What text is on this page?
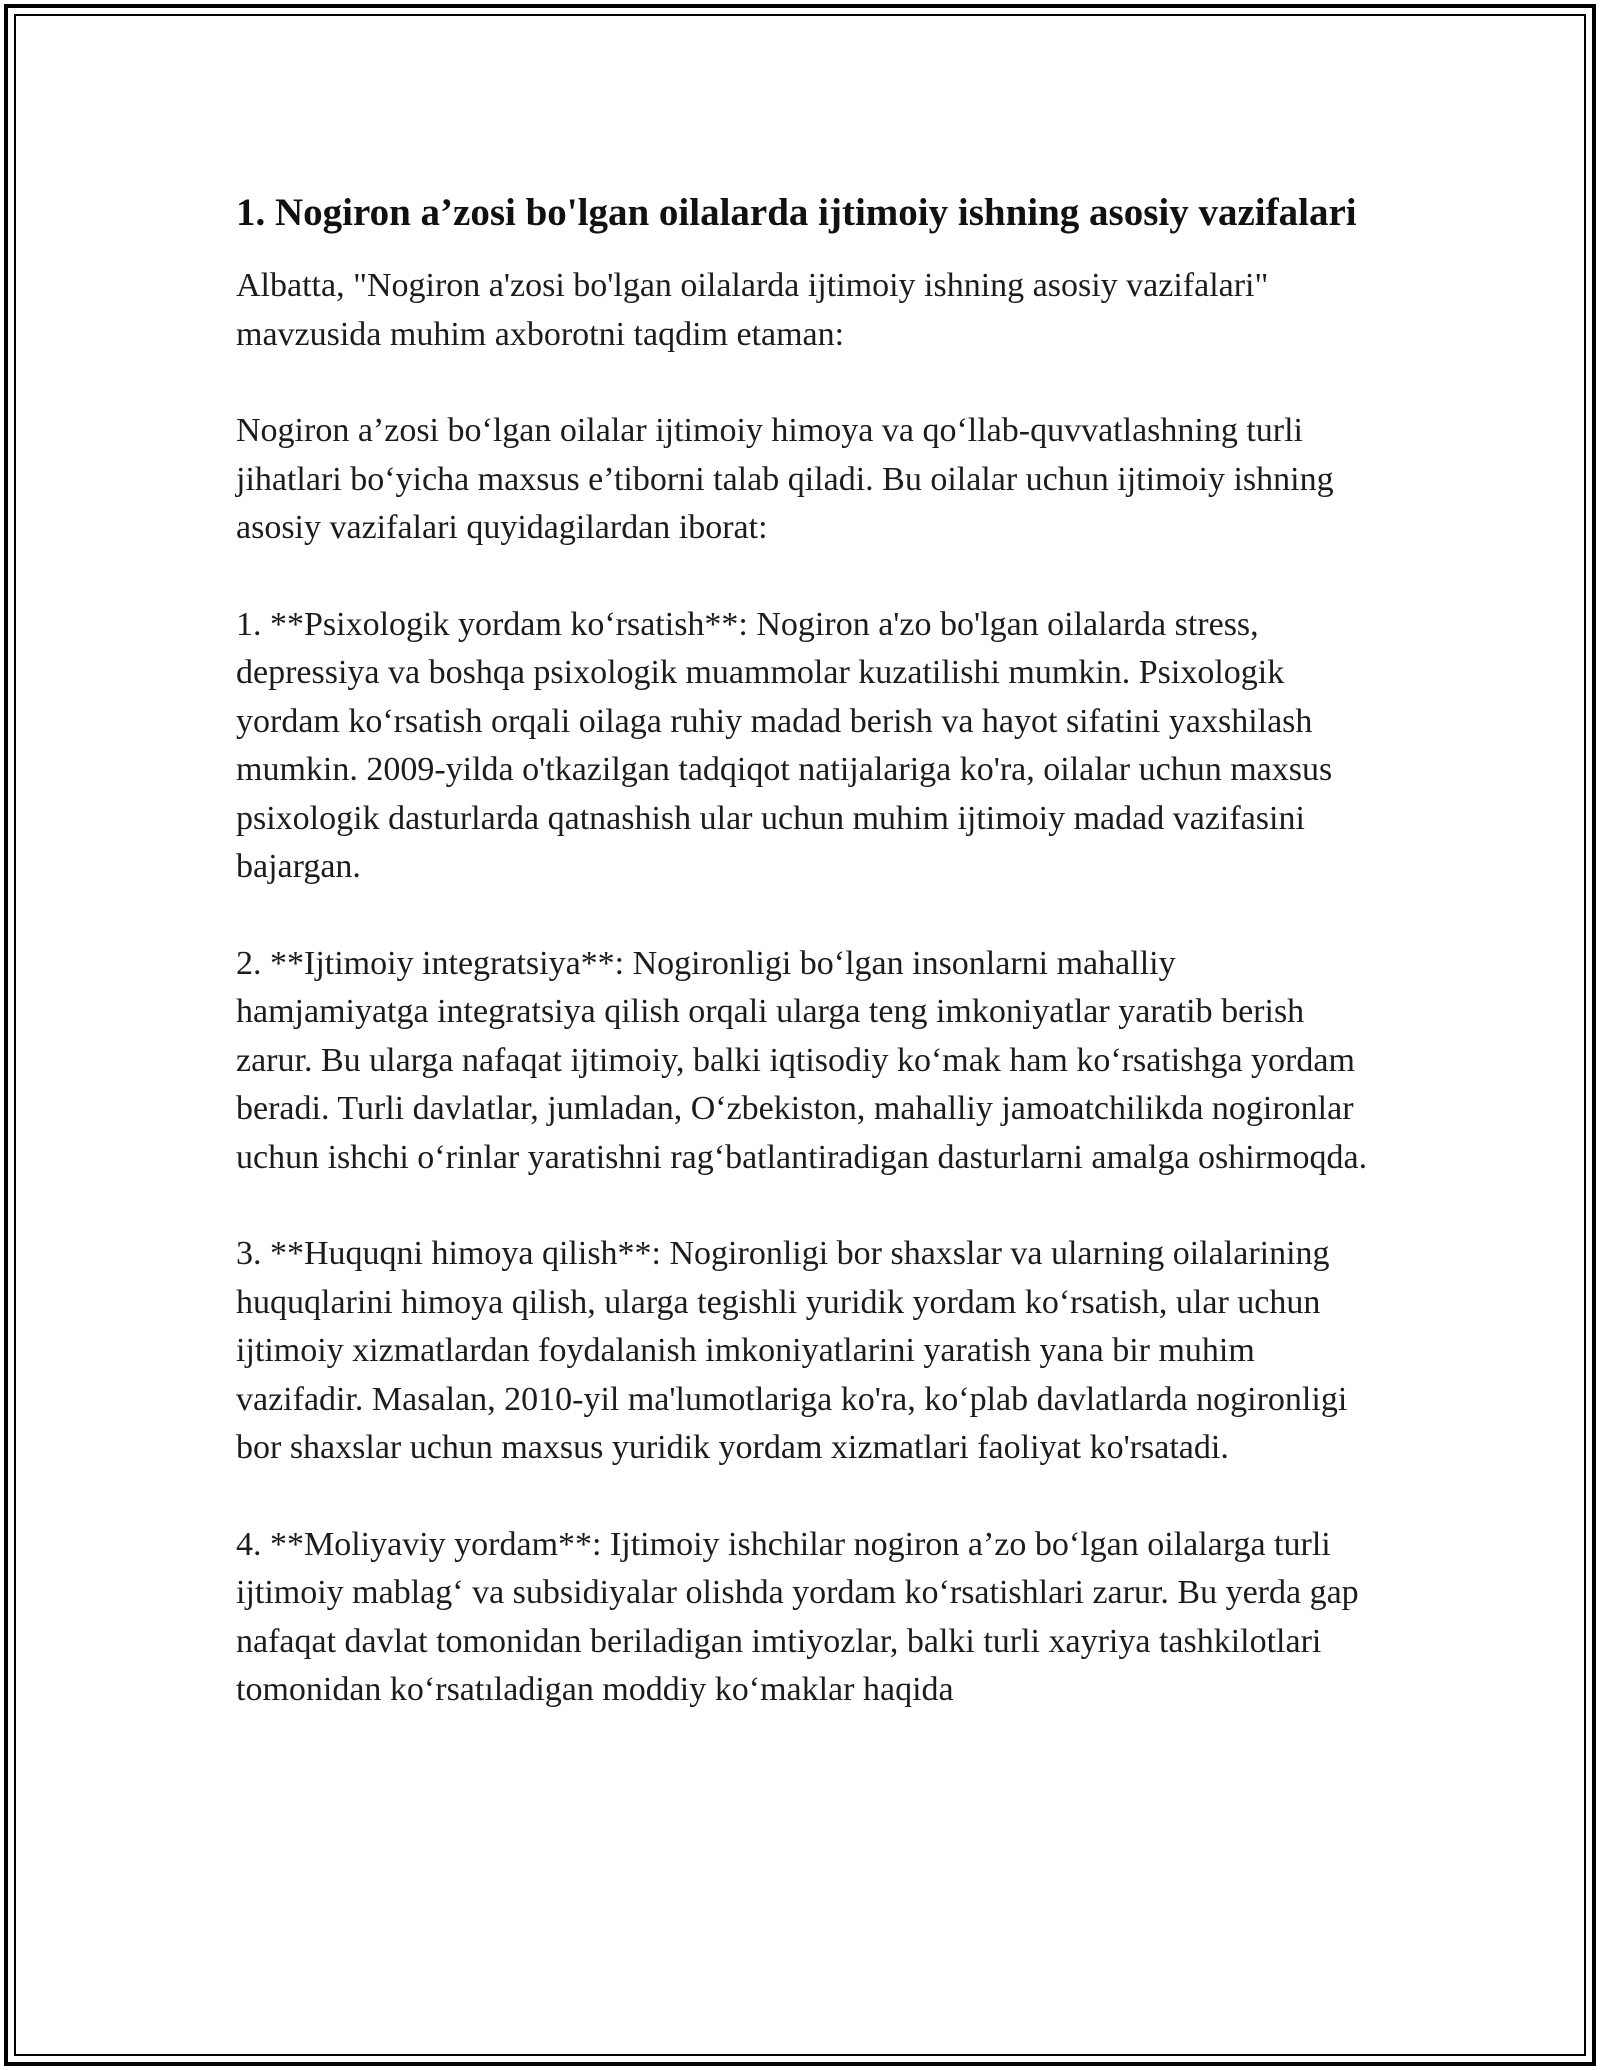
1. Nogiron a’zosi bo'lgan oilalarda ijtimoiy ishning asosiy vazifalari

Albatta, "Nogiron a'zosi bo'lgan oilalarda ijtimoiy ishning asosiy vazifalari" mavzusida muhim axborotni taqdim etaman:

Nogiron a’zosi bo‘lgan oilalar ijtimoiy himoya va qo‘llab-quvvatlashning turli jihatlari bo‘yicha maxsus e’tiborni talab qiladi. Bu oilalar uchun ijtimoiy ishning asosiy vazifalari quyidagilardan iborat:

1. **Psixologik yordam ko‘rsatish**: Nogiron a'zo bo'lgan oilalarda stress, depressiya va boshqa psixologik muammolar kuzatilishi mumkin. Psixologik yordam ko‘rsatish orqali oilaga ruhiy madad berish va hayot sifatini yaxshilash mumkin. 2009-yilda o'tkazilgan tadqiqot natijalariga ko'ra, oilalar uchun maxsus psixologik dasturlarda qatnashish ular uchun muhim ijtimoiy madad vazifasini bajargan.

2. **Ijtimoiy integratsiya**: Nogironligi bo‘lgan insonlarni mahalliy hamjamiyatga integratsiya qilish orqali ularga teng imkoniyatlar yaratib berish zarur. Bu ularga nafaqat ijtimoiy, balki iqtisodiy ko‘mak ham ko‘rsatishga yordam beradi. Turli davlatlar, jumladan, O‘zbekiston, mahalliy jamoatchilikda nogironlar uchun ishchi o‘rinlar yaratishni rag‘batlantiradigan dasturlarni amalga oshirmoqda.

3. **Huquqni himoya qilish**: Nogironligi bor shaxslar va ularning oilalarining huquqlarini himoya qilish, ularga tegishli yuridik yordam ko‘rsatish, ular uchun ijtimoiy xizmatlardan foydalanish imkoniyatlarini yaratish yana bir muhim vazifadir. Masalan, 2010-yil ma'lumotlariga ko'ra, ko‘plab davlatlarda nogironligi bor shaxslar uchun maxsus yuridik yordam xizmatlari faoliyat ko'rsatadi.

4. **Moliyaviy yordam**: Ijtimoiy ishchilar nogiron a’zo bo‘lgan oilalarga turli ijtimoiy mablag‘ va subsidiyalar olishda yordam ko‘rsatishlari zarur. Bu yerda gap nafaqat davlat tomonidan beriladigan imtiyozlar, balki turli xayriya tashkilotlari tomonidan ko‘rsatıladigan moddiy ko‘maklar haqida
